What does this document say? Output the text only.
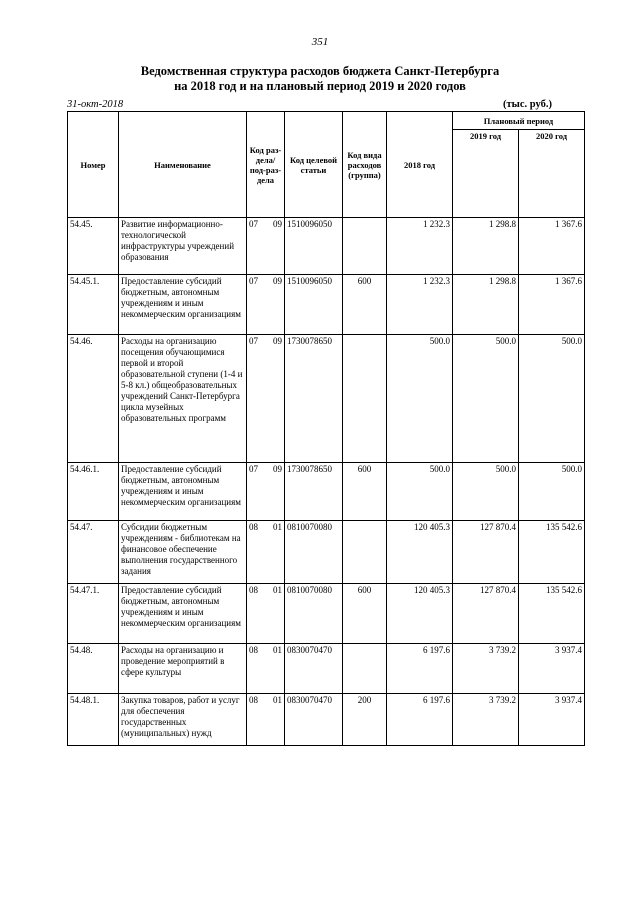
351
Ведомственная структура расходов бюджета Санкт-Петербурга
на 2018 год и на плановый период 2019 и 2020 годов
31-окт-2018	(тыс. руб.)
Номер	Наименование	Код раз-дела/ под-раз-дела	Код целевой статьи	Код вида расходов (группа)	2018 год	Плановый период	
						2019 год	2020 год
54.45.	Развитие информационно-технологической инфраструктуры учреждений образования	07 09	1510096050		1 232.3	1 298.8	1 367.6
54.45.1.	Предоставление субсидий бюджетным, автономным учреждениям и иным некоммерческим организациям	07 09	1510096050	600	1 232.3	1 298.8	1 367.6
54.46.	Расходы на организацию посещения обучающимися первой и второй образовательной ступени (1-4 и 5-8 кл.) общеобразовательных учреждений Санкт-Петербурга цикла музейных образовательных программ	07 09	1730078650		500.0	500.0	500.0
54.46.1.	Предоставление субсидий бюджетным, автономным учреждениям и иным некоммерческим организациям	07 09	1730078650	600	500.0	500.0	500.0
54.47.	Субсидии бюджетным учреждениям - библиотекам на финансовое обеспечение выполнения государственного задания	08 01	0810070080		120 405.3	127 870.4	135 542.6
54.47.1.	Предоставление субсидий бюджетным, автономным учреждениям и иным некоммерческим организациям	08 01	0810070080	600	120 405.3	127 870.4	135 542.6
54.48.	Расходы на организацию и проведение мероприятий в сфере культуры	08 01	0830070470		6 197.6	3 739.2	3 937.4
54.48.1.	Закупка товаров, работ и услуг для обеспечения государственных (муниципальных) нужд	08 01	0830070470	200	6 197.6	3 739.2	3 937.4
